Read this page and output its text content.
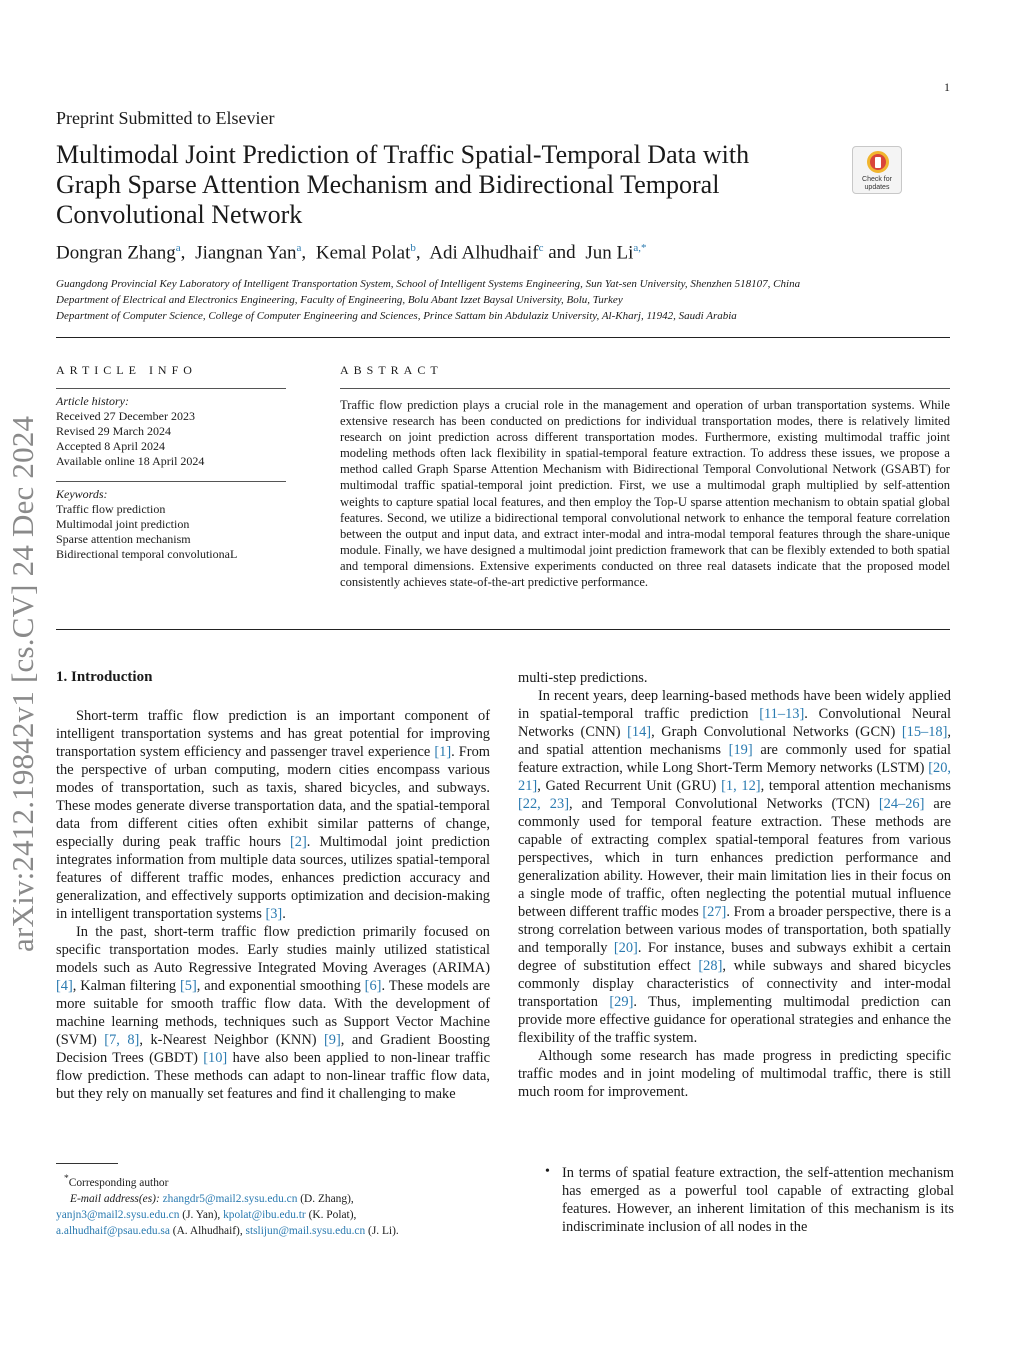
1
arXiv:2412.19842v1 [cs.CV] 24 Dec 2024
Preprint Submitted to Elsevier
Multimodal Joint Prediction of Traffic Spatial-Temporal Data with
Graph Sparse Attention Mechanism and Bidirectional Temporal
Convolutional Network
Check for
updates
Dongran Zhang$^a$, Jiangnan Yan$^a$, Kemal Polat$^b$, Adi Alhudhaif$^c$ and Jun $Li^{a,*}$
Guangdong Provincial Key Laboratory of Intelligent Transportation System, School of Intelligent Systems Engineering, Sun Yat-sen University, Shenzhen 518107, China
Department of Electrical and Electronics Engineering, Faculty of Engineering, Bolu Abant Izzet Baysal University, Bolu, Turkey
Department of Computer Science, College of Computer Engineering and Sciences, Prince Sattam bin Abdulaziz University, Al-Kharj, 11942, Saudi Arabia
ARTICLE INFO
Article history:
Received 27 December 2023
Revised 29 March 2024
Accepted 8 April 2024
Available online 18 April 2024
Keywords:
Traffic flow prediction
Multimodal joint prediction
Sparse attention mechanism
Bidirectional temporal convolutionaL
ABSTRACT
Traffic flow prediction plays a crucial role in the management and operation of urban transportation systems. While extensive research has been conducted on predictions for individual transportation modes, there is relatively limited research on joint prediction across different transportation modes. Furthermore, existing multimodal traffic joint modeling methods often lack flexibility in spatial-temporal feature extraction. To address these issues, we propose a method called Graph Sparse Attention Mechanism with Bidirectional Temporal Convolutional Network (GSABT) for multimodal traffic spatial-temporal joint prediction. First, we use a multimodal graph multiplied by self-attention weights to capture spatial local features, and then employ the Top-U sparse attention mechanism to obtain spatial global features. Second, we utilize a bidirectional temporal convolutional network to enhance the temporal feature correlation between the output and input data, and extract inter-modal and intra-modal temporal features through the share-unique module. Finally, we have designed a multimodal joint prediction framework that can be flexibly extended to both spatial and temporal dimensions. Extensive experiments conducted on three real datasets indicate that the proposed model consistently achieves state-of-the-art predictive performance.
1. Introduction

Short-term traffic flow prediction is an important component of intelligent transportation systems and has great potential for improving transportation system efficiency and passenger travel experience [1]. From the perspective of urban computing, modern cities encompass various modes of transportation, such as taxis, shared bicycles, and subways. These modes generate diverse transportation data, and the spatial-temporal data from different cities often exhibit similar patterns of change, especially during peak traffic hours [2]. Multimodal joint prediction integrates information from multiple data sources, utilizes spatial-temporal features of different traffic modes, enhances prediction accuracy and generalization, and effectively supports optimization and decision-making in intelligent transportation systems [3].

In the past, short-term traffic flow prediction primarily focused on specific transportation modes. Early studies mainly utilized statistical models such as Auto Regressive Integrated Moving Averages (ARIMA) [4], Kalman filtering [5], and exponential smoothing [6]. These models are more suitable for smooth traffic flow data. With the development of machine learning methods, techniques such as Support Vector Machine (SVM) [7, 8], k-Nearest Neighbor (KNN) [9], and Gradient Boosting Decision Trees (GBDT) [10] have also been applied to non-linear traffic flow prediction. These methods can adapt to non-linear traffic flow data, but they rely on manually set features and find it challenging to make

multi-step predictions.

In recent years, deep learning-based methods have been widely applied in spatial-temporal traffic prediction [11–13]. Convolutional Neural Networks (CNN) [14], Graph Convolutional Networks (GCN) [15–18], and spatial attention mechanisms [19] are commonly used for spatial feature extraction, while Long Short-Term Memory networks (LSTM) [20, 21], Gated Recurrent Unit (GRU) [1, 12], temporal attention mechanisms [22, 23], and Temporal Convolutional Networks (TCN) [24–26] are commonly used for temporal feature extraction. These methods are capable of extracting complex spatial-temporal features from various perspectives, which in turn enhances prediction performance and generalization ability. However, their main limitation lies in their focus on a single mode of traffic, often neglecting the potential mutual influence between different traffic modes [27]. From a broader perspective, there is a strong correlation between various modes of transportation, both spatially and temporally [20]. For instance, buses and subways exhibit a certain degree of substitution effect [28], while subways and shared bicycles commonly display characteristics of connectivity and inter-modal transportation [29]. Thus, implementing multimodal prediction can provide more effective guidance for operational strategies and enhance the flexibility of the traffic system.

Although some research has made progress in predicting specific traffic modes and in joint modeling of multimodal traffic, there is still much room for improvement.

• In terms of spatial feature extraction, the self-attention mechanism has emerged as a powerful tool capable of extracting global features. However, an inherent limitation of this mechanism is its indiscriminate inclusion of all nodes in the
*Corresponding author
E-mail address(es): zhangdr5@mail2.sysu.edu.cn (D. Zhang),
yanjn3@mail2.sysu.edu.cn (J. Yan), kpolat@ibu.edu.tr (K. Polat),
a.alhudhaif@psau.edu.sa (A. Alhudhaif), stslijun@mail.sysu.edu.cn (J. Li).
